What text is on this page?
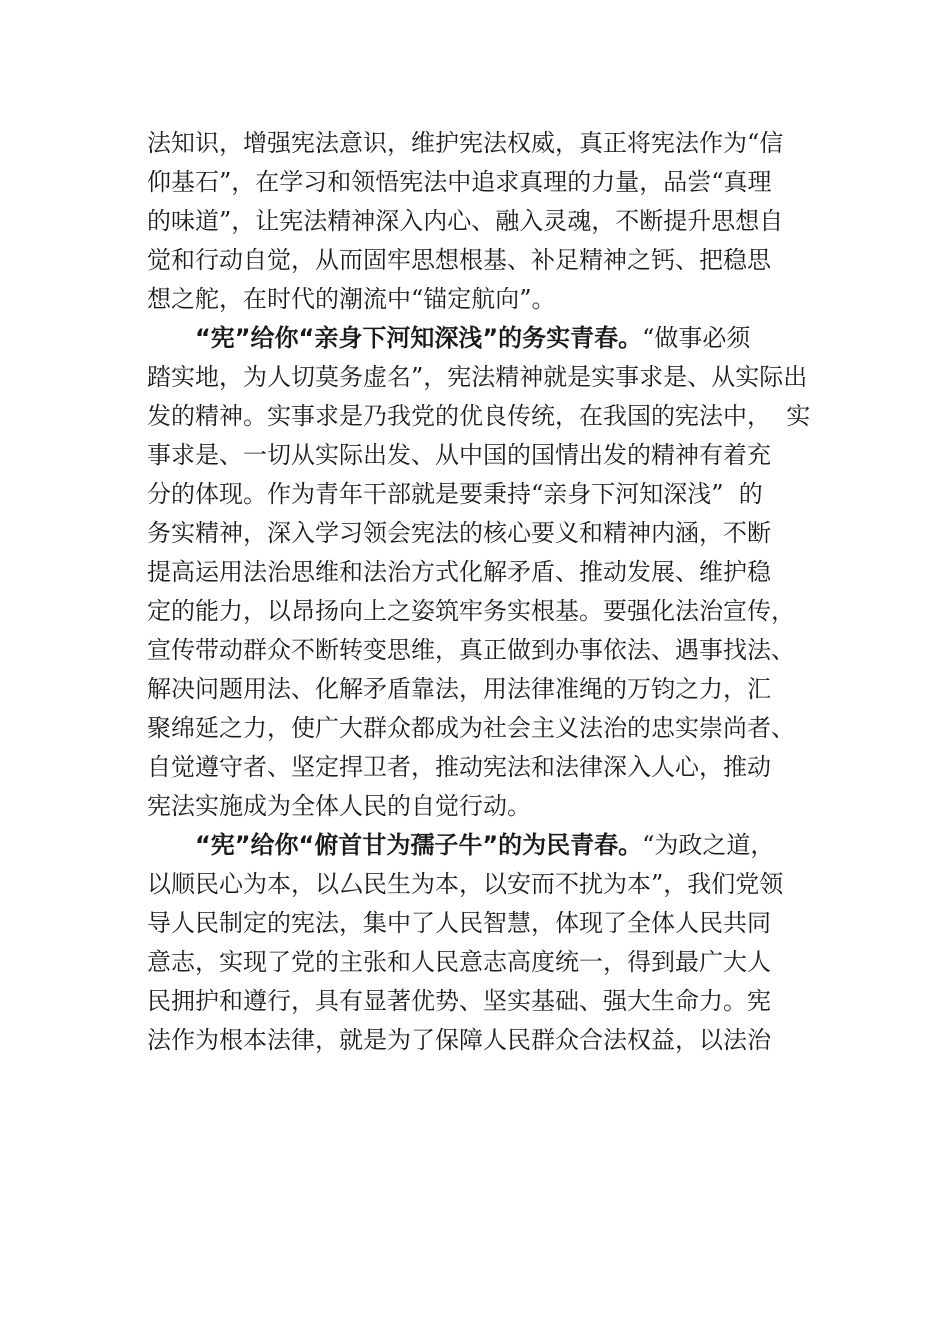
法知识，增强宪法意识，维护宪法权威，真正将宪法作为“信
仰基石”，在学习和领悟宪法中追求真理的力量，品尝“真理
的味道”，让宪法精神深入内心、融入灵魂，不断提升思想自
觉和行动自觉，从而固牢思想根基、补足精神之钙、把稳思
想之舵，在时代的潮流中“锚定航向”。
“宪”给你“亲身下河知深浅”的务实青春。“做事必须
踏实地，为人切莫务虚名”，宪法精神就是实事求是、从实际出
发的精神。实事求是乃我党的优良传统，在我国的宪法中，  实
事求是、一切从实际出发、从中国的国情出发的精神有着充
分的体现。作为青年干部就是要秉持“亲身下河知深浅”  的
务实精神，深入学习领会宪法的核心要义和精神内涵，不断
提高运用法治思维和法治方式化解矛盾、推动发展、维护稳
定的能力，以昂扬向上之姿筑牢务实根基。要强化法治宣传，
宣传带动群众不断转变思维，真正做到办事依法、遇事找法、
解决问题用法、化解矛盾靠法，用法律准绳的万钧之力，汇
聚绵延之力，使广大群众都成为社会主义法治的忠实崇尚者、
自觉遵守者、坚定捍卫者，推动宪法和法律深入人心，推动
宪法实施成为全体人民的自觉行动。
“宪”给你“俯首甘为孺子牛”的为民青春。“为政之道，
以顺民心为本，以厶民生为本，以安而不扰为本”，我们党领
导人民制定的宪法，集中了人民智慧，体现了全体人民共同
意志，实现了党的主张和人民意志高度统一，得到最广大人
民拥护和遵行，具有显著优势、坚实基础、强大生命力。宪
法作为根本法律，就是为了保障人民群众合法权益，以法治
